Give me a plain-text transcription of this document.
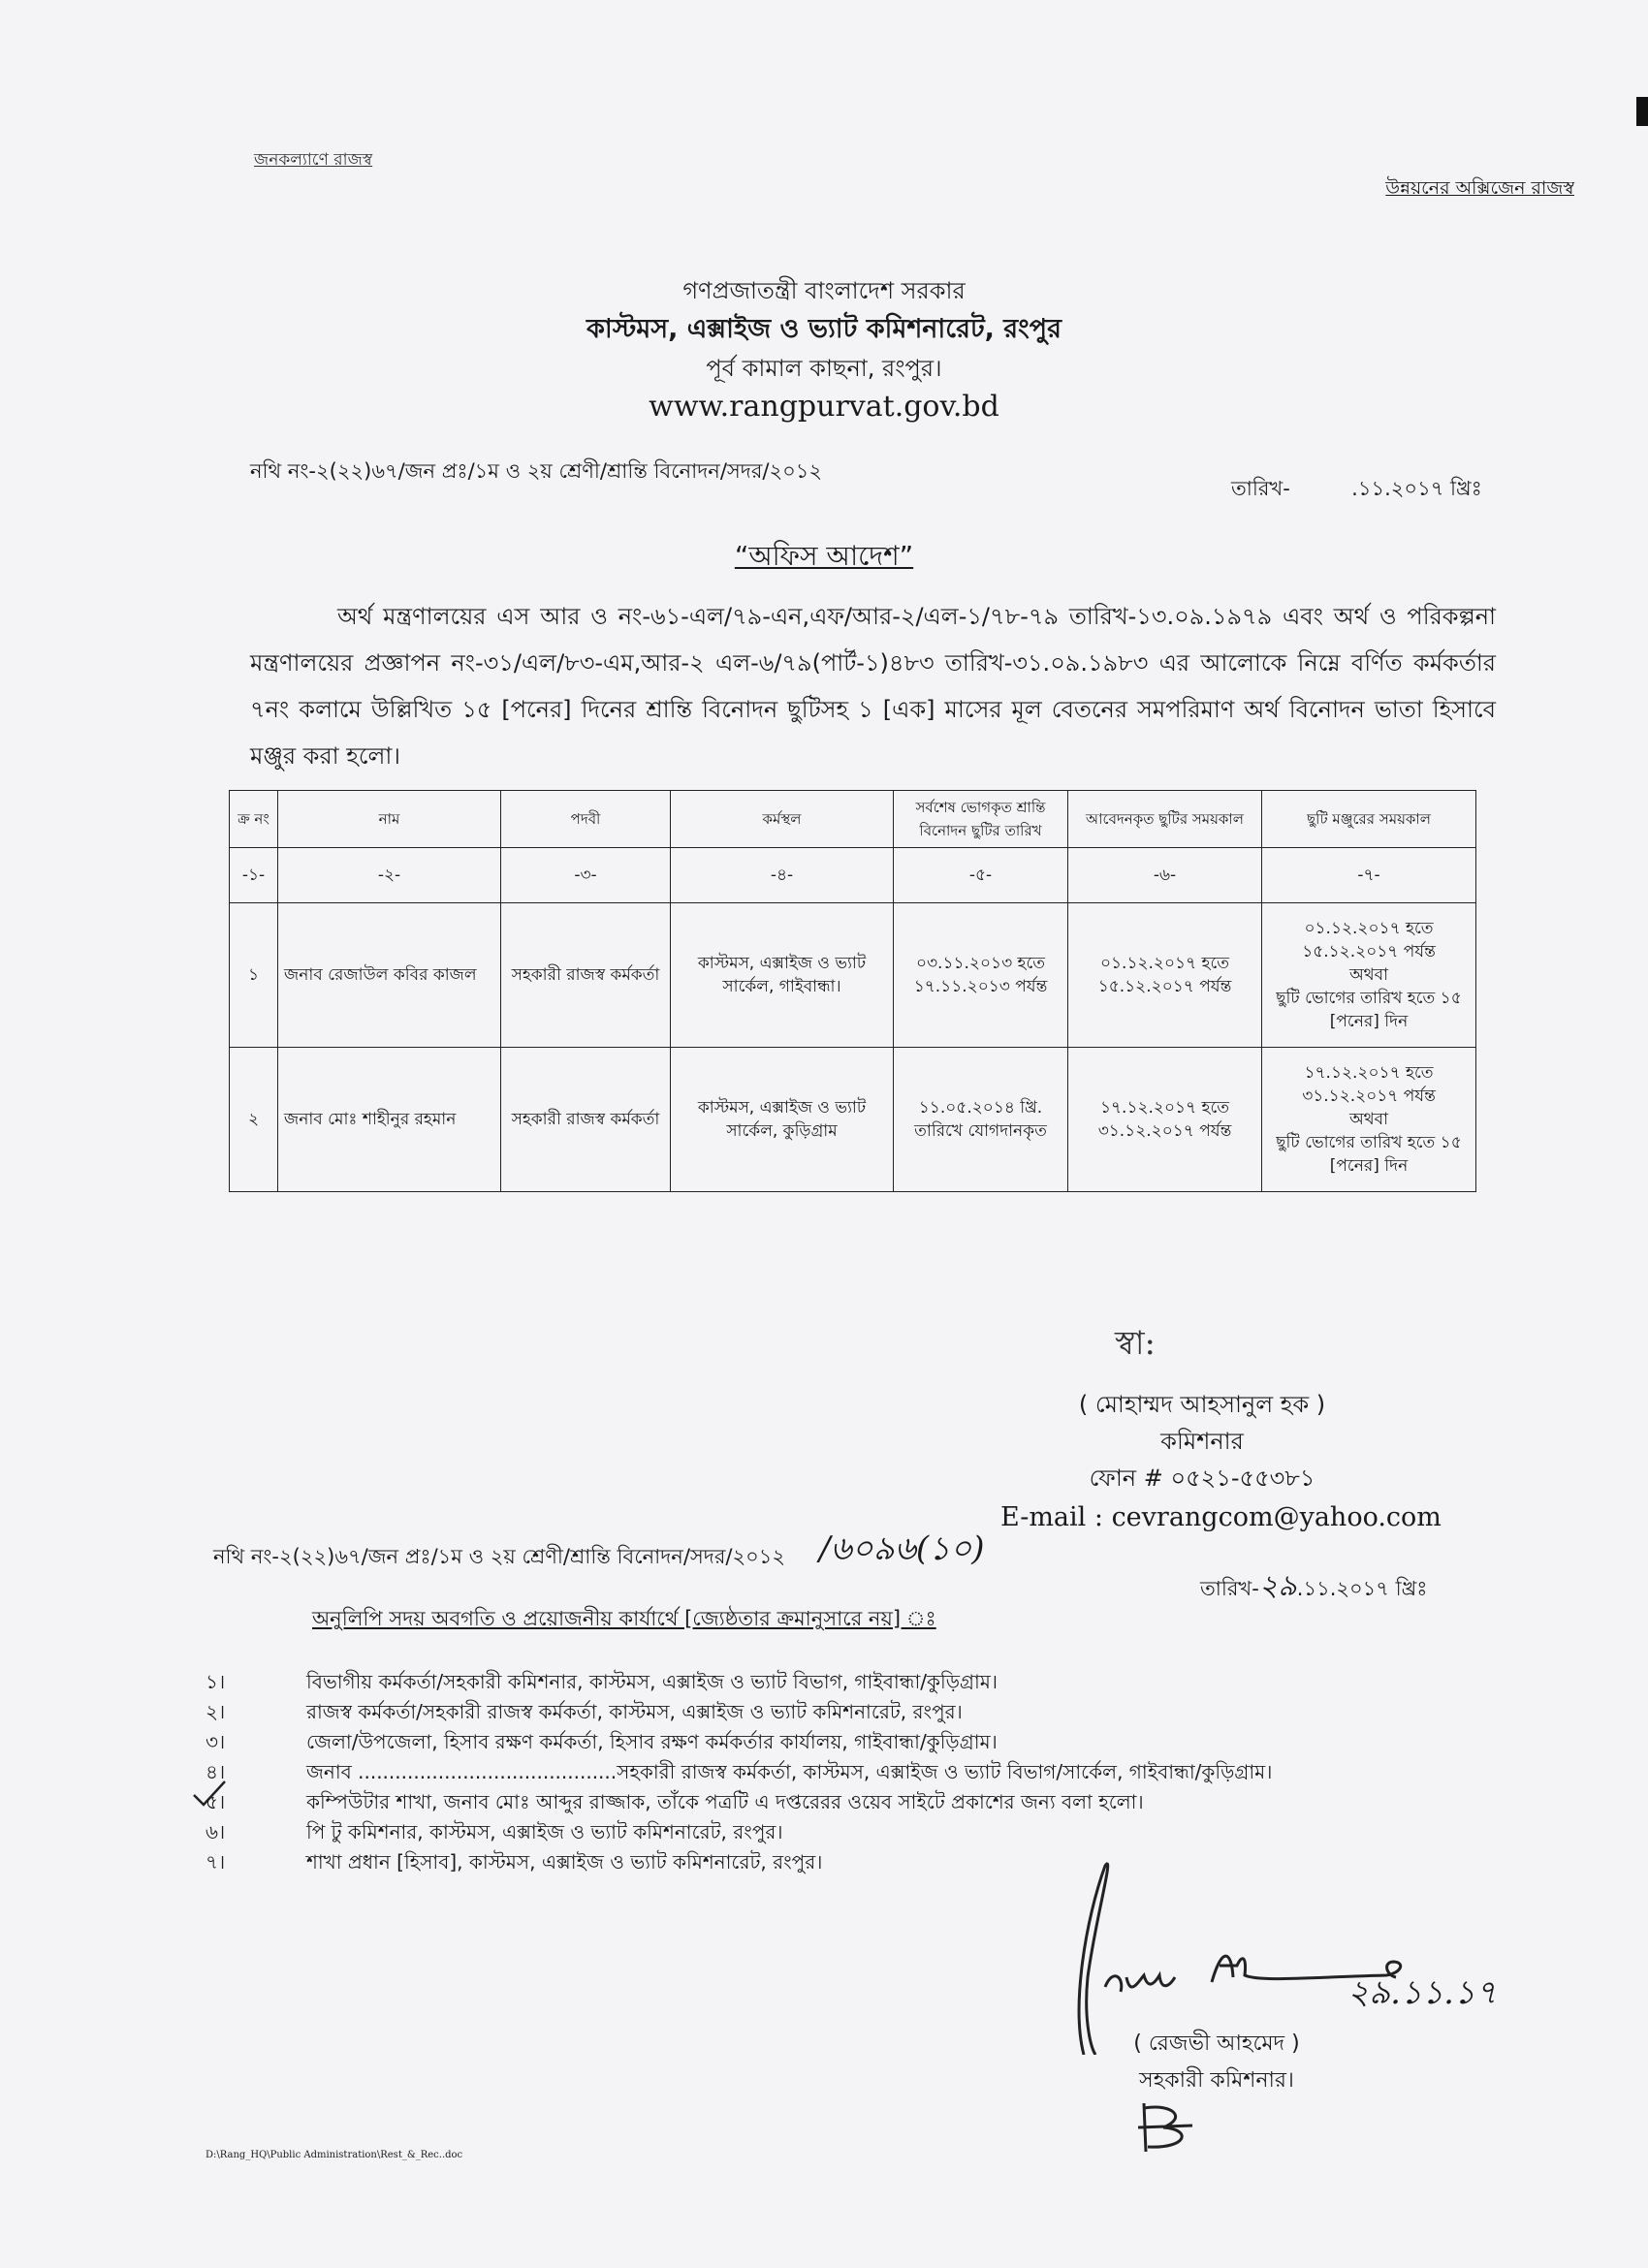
জনকল্যাণে রাজস্ব
উন্নয়নের অক্সিজেন রাজস্ব
গণপ্রজাতন্ত্রী বাংলাদেশ সরকার
কাস্টমস, এক্সাইজ ও ভ্যাট কমিশনারেট, রংপুর
পূর্ব কামাল কাছনা, রংপুর।
www.rangpurvat.gov.bd
নথি নং-২(২২)৬৭/জন প্রঃ/১ম ও ২য় শ্রেণী/শ্রান্তি বিনোদন/সদর/২০১২
তারিখ-	.১১.২০১৭ খ্রিঃ
“অফিস আদেশ”
অর্থ মন্ত্রণালয়ের এস আর ও নং-৬১-এল/৭৯-এন,এফ/আর-২/এল-১/৭৮-৭৯ তারিখ-১৩.০৯.১৯৭৯ এবং অর্থ ও পরিকল্পনা মন্ত্রণালয়ের প্রজ্ঞাপন নং-৩১/এল/৮৩-এম,আর-২ এল-৬/৭৯(পার্ট-১)৪৮৩ তারিখ-৩১.০৯.১৯৮৩ এর আলোকে নিম্নে বর্ণিত কর্মকর্তার ৭নং কলামে উল্লিখিত ১৫ [পনের] দিনের শ্রান্তি বিনোদন ছুটিসহ ১ [এক] মাসের মূল বেতনের সমপরিমাণ অর্থ বিনোদন ভাতা হিসাবে মঞ্জুর করা হলো।
ক্র নং	নাম	পদবী	কর্মস্থল	সর্বশেষ ভোগকৃত শ্রান্তি বিনোদন ছুটির তারিখ	আবেদনকৃত ছুটির সময়কাল	ছুটি মঞ্জুরের সময়কাল
-১-	-২-	-৩-	-৪-	-৫-	-৬-	-৭-
১	জনাব রেজাউল কবির কাজল	সহকারী রাজস্ব কর্মকর্তা	কাস্টমস, এক্সাইজ ও ভ্যাট সার্কেল, গাইবান্ধা।	০৩.১১.২০১৩ হতে ১৭.১১.২০১৩ পর্যন্ত	০১.১২.২০১৭ হতে ১৫.১২.২০১৭ পর্যন্ত	০১.১২.২০১৭ হতে ১৫.১২.২০১৭ পর্যন্ত
অথবা
ছুটি ভোগের তারিখ হতে ১৫ [পনের] দিন

২	জনাব মোঃ শাহীনুর রহমান	সহকারী রাজস্ব কর্মকর্তা	কাস্টমস, এক্সাইজ ও ভ্যাট সার্কেল, কুড়িগ্রাম	১১.০৫.২০১৪ খ্রি. তারিখে যোগদানকৃত	১৭.১২.২০১৭ হতে ৩১.১২.২০১৭ পর্যন্ত	১৭.১২.২০১৭ হতে ৩১.১২.২০১৭ পর্যন্ত
অথবা
ছুটি ভোগের তারিখ হতে ১৫ [পনের] দিন
স্বা:
( মোহাম্মদ আহসানুল হক )
কমিশনার
ফোন # ০৫২১-৫৫৩৮১
E-mail : cevrangcom@yahoo.com
নথি নং-২(২২)৬৭/জন প্রঃ/১ম ও ২য় শ্রেণী/শ্রান্তি বিনোদন/সদর/২০১২ /৬০৯৬(১০)
তারিখ-২৯.১১.২০১৭ খ্রিঃ
অনুলিপি সদয় অবগতি ও প্রয়োজনীয় কার্যার্থে [জ্যেষ্ঠতার ক্রমানুসারে নয়] ঃ
১।	বিভাগীয় কর্মকর্তা/সহকারী কমিশনার, কাস্টমস, এক্সাইজ ও ভ্যাট বিভাগ, গাইবান্ধা/কুড়িগ্রাম।
২।	রাজস্ব কর্মকর্তা/সহকারী রাজস্ব কর্মকর্তা, কাস্টমস, এক্সাইজ ও ভ্যাট কমিশনারেট, রংপুর।
৩।	জেলা/উপজেলা, হিসাব রক্ষণ কর্মকর্তা, হিসাব রক্ষণ কর্মকর্তার কার্যালয়, গাইবান্ধা/কুড়িগ্রাম।
৪।	জনাব ..........................................সহকারী রাজস্ব কর্মকর্তা, কাস্টমস, এক্সাইজ ও ভ্যাট বিভাগ/সার্কেল, গাইবান্ধা/কুড়িগ্রাম।
৫।	কম্পিউটার শাখা, জনাব মোঃ আব্দুর রাজ্জাক, তাঁকে পত্রটি এ দপ্তরেরর ওয়েব সাইটে প্রকাশের জন্য বলা হলো।
৬।	পি টু কমিশনার, কাস্টমস, এক্সাইজ ও ভ্যাট কমিশনারেট, রংপুর।
৭।	শাখা প্রধান [হিসাব], কাস্টমস, এক্সাইজ ও ভ্যাট কমিশনারেট, রংপুর।
২৯.১১.১৭
( রেজভী আহমেদ )
সহকারী কমিশনার।
D:\Rang_HQ\Public Administration\Rest_&_Rec..doc
